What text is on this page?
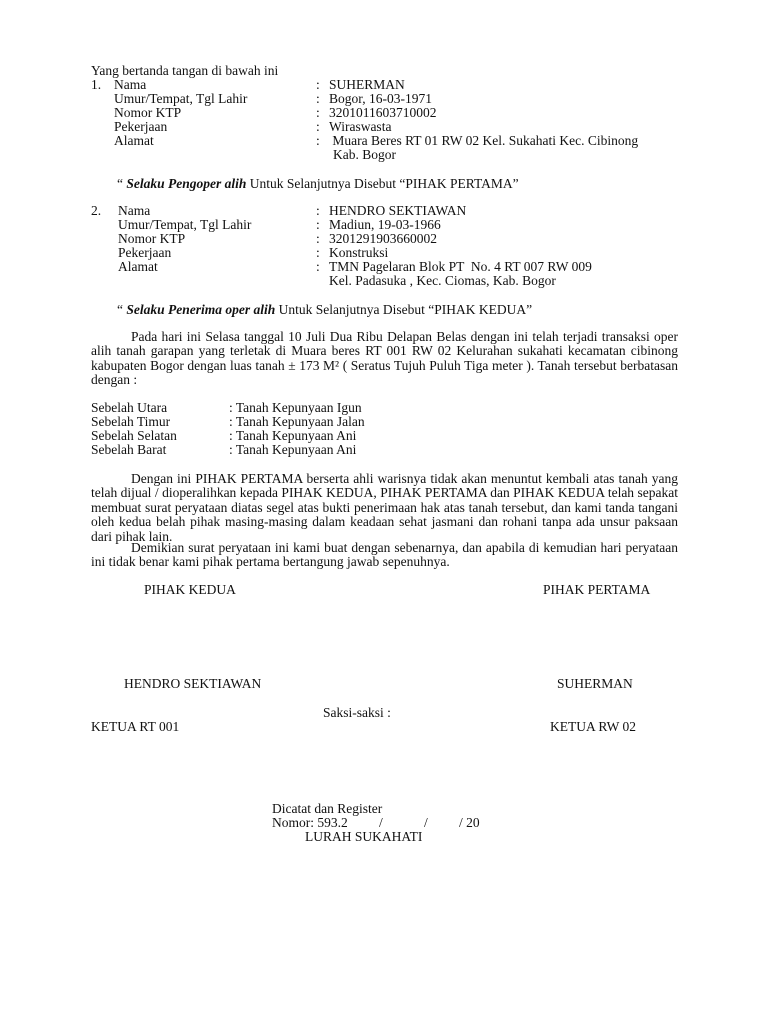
Yang bertanda tangan di bawah ini
1. Nama	: SUHERMAN
Umur/Tempat, Tgl Lahir	: Bogor, 16-03-1971
Nomor KTP	: 3201011603710002
Pekerjaan	: Wiraswasta
Alamat	: Muara Beres RT 01 RW 02 Kel. Sukahati Kec. Cibinong
Kab. Bogor
“ Selaku Pengoper alih Untuk Selanjutnya Disebut “PIHAK PERTAMA”
2. Nama	: HENDRO SEKTIAWAN
Umur/Tempat, Tgl Lahir	: Madiun, 19-03-1966
Nomor KTP	: 3201291903660002
Pekerjaan	: Konstruksi
Alamat	: TMN Pagelaran Blok PT  No. 4 RT 007 RW 009
Kel. Padasuka , Kec. Ciomas, Kab. Bogor
“ Selaku Penerima oper alih Untuk Selanjutnya Disebut “PIHAK KEDUA”
Pada hari ini Selasa tanggal 10 Juli Dua Ribu Delapan Belas dengan ini telah terjadi transaksi oper alih tanah garapan yang terletak di Muara beres RT 001 RW 02 Kelurahan sukahati kecamatan cibinong kabupaten Bogor dengan luas tanah ± 173 M² ( Seratus Tujuh Puluh Tiga meter ). Tanah tersebut berbatasan dengan :
Sebelah Utara	: Tanah Kepunyaan Igun
Sebelah Timur	: Tanah Kepunyaan Jalan
Sebelah Selatan	: Tanah Kepunyaan Ani
Sebelah Barat	: Tanah Kepunyaan Ani
Dengan ini PIHAK PERTAMA berserta ahli warisnya tidak akan menuntut kembali atas tanah yang telah dijual / dioperalihkan kepada PIHAK KEDUA, PIHAK PERTAMA dan PIHAK KEDUA telah sepakat membuat surat peryataan diatas segel atas bukti penerimaan hak atas tanah tersebut, dan kami tanda tangani oleh kedua belah pihak masing-masing dalam keadaan sehat jasmani dan rohani tanpa ada unsur paksaan dari pihak lain.
Demikian surat peryataan ini kami buat dengan sebenarnya, dan apabila di kemudian hari peryataan ini tidak benar kami pihak pertama bertangung jawab sepenuhnya.
PIHAK KEDUA	PIHAK PERTAMA
HENDRO SEKTIAWAN	SUHERMAN
Saksi-saksi :
KETUA RT 001	KETUA RW 02
Dicatat dan Register
Nomor: 593.2 /	/ / 20
LURAH SUKAHATI
